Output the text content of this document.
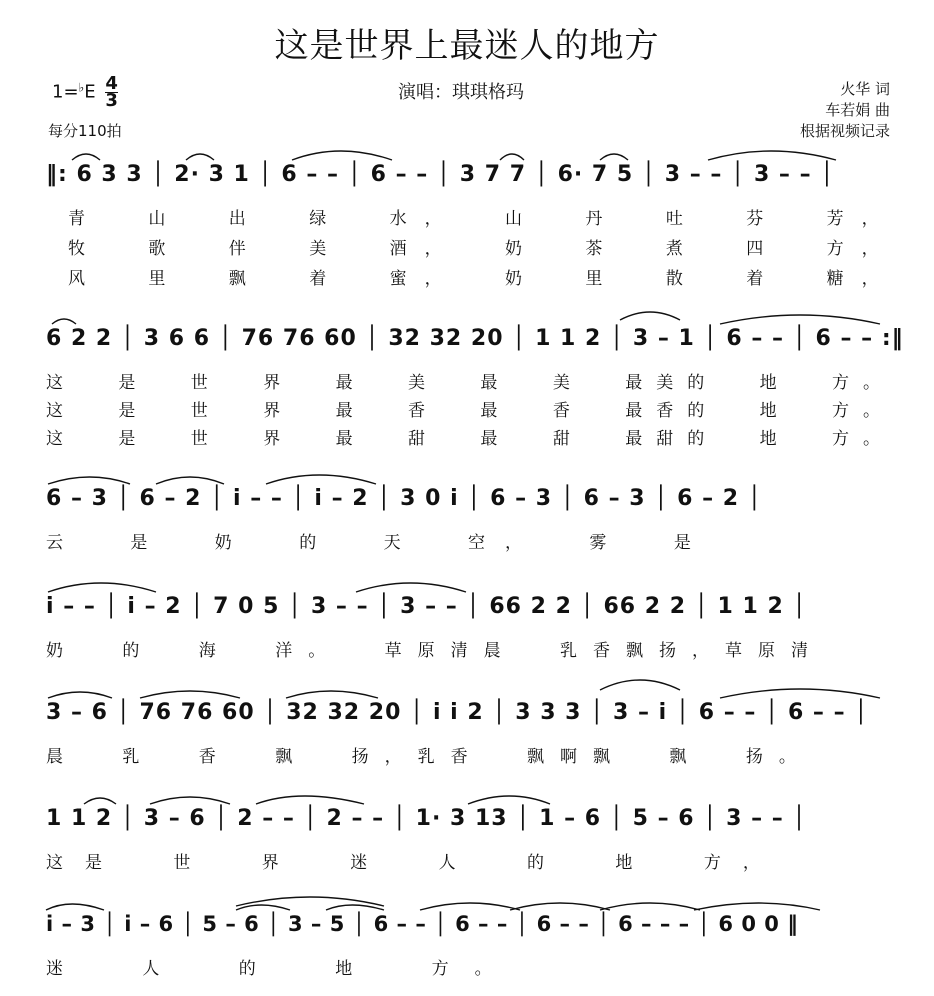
这是世界上最迷人的地方
$1=^♭E \frac{4}{3}$
每分110拍
演唱：琪琪格玛	火华 词
车若娟 曲
根据视频记录
‖: 6 3 3 │ 2· 3 1 │ 6 – – │ 6 – – │ 3 7 7 │ 6· 7 5 │ 3 – – │ 3 – – │
青 山 出 绿 水， 山 丹 吐 芬 芳，
牧 歌 伴 美 酒， 奶 茶 煮 四 方，
风 里 飘 着 蜜， 奶 里 散 着 糖，
6 2 2 │ 3 6 6 │ 76 76 60 │ 32 32 20 │ 1 1 2 │ 3 – 1 │ 6 – – │ 6 – – :‖
这 是 世 界 最 美 最 美 最美的 地 方。
这 是 世 界 最 香 最 香 最香的 地 方。
这 是 世 界 最 甜 最 甜 最甜的 地 方。
6 – 3 │ 6 – 2 │ i – – │ i – 2 │ 3 0 i │ 6 – 3 │ 6 – 3 │ 6 – 2 │
云 是 奶 的 天 空， 雾 是
i – – │ i – 2 │ 7 0 5 │ 3 – – │ 3 – – │ 66 2 2 │ 66 2 2 │ 1 1 2 │
奶 的 海 洋。 草原清晨 乳香飘扬，草原清
3 – 6 │ 76 76 60 │ 32 32 20 │ i i 2 │ 3 3 3 │ 3 – i │ 6 – – │ 6 – – │
晨 乳 香 飘 扬，乳香 飘啊飘 飘 扬。
1 1 2 │ 3 – 6 │ 2 – – │ 2 – – │ 1· 3 13 │ 1 – 6 │ 5 – 6 │ 3 – – │
这是 世 界 迷 人 的 地 方，
i – 3 │ i – 6 │ 5 – 6 │ 3 – 5 │ 6 – – │ 6 – – │ 6 – – │ 6 – – – │ 6 0 0 ‖
迷 人 的 地 方。
